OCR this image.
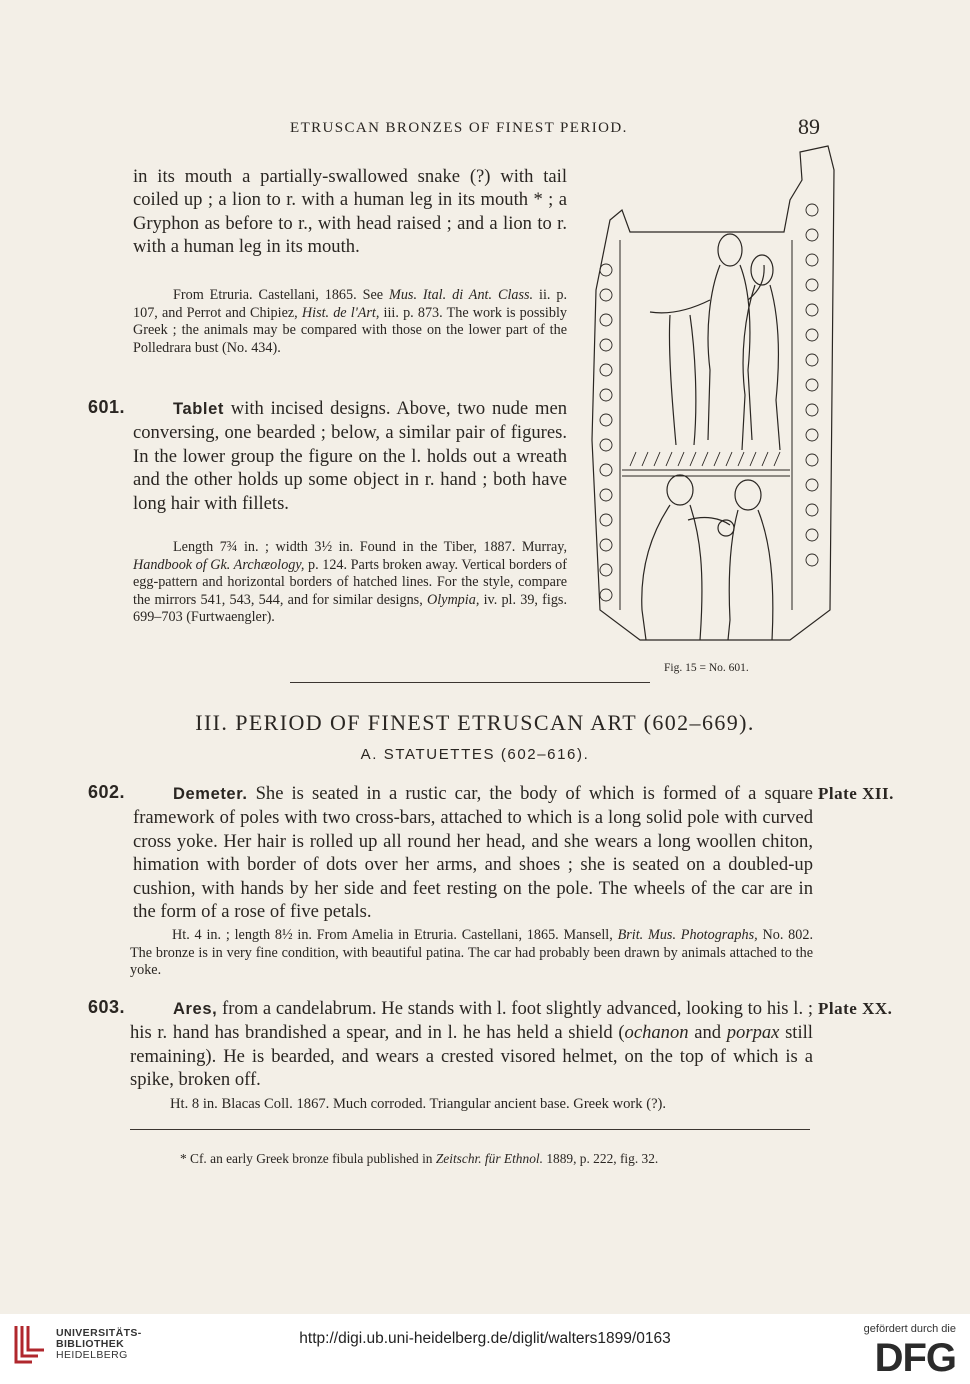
ETRUSCAN BRONZES OF FINEST PERIOD.	89
in its mouth a partially-swallowed snake (?) with tail coiled up ; a lion to r. with a human leg in its mouth * ; a Gryphon as before to r., with head raised ; and a lion to r. with a human leg in its mouth.
From Etruria. Castellani, 1865. See Mus. Ital. di Ant. Class. ii. p. 107, and Perrot and Chipiez, Hist. de l'Art, iii. p. 873. The work is possibly Greek ; the animals may be compared with those on the lower part of the Polledrara bust (No. 434).
601.	Tablet with incised designs. Above, two nude men conversing, one bearded ; below, a similar pair of figures. In the lower group the figure on the l. holds out a wreath and the other holds up some object in r. hand ; both have long hair with fillets.
Length 7¾ in. ; width 3½ in. Found in the Tiber, 1887. Murray, Handbook of Gk. Archæology, p. 124. Parts broken away. Vertical borders of egg-pattern and horizontal borders of hatched lines. For the style, compare the mirrors 541, 543, 544, and for similar designs, Olympia, iv. pl. 39, figs. 699–703 (Furtwaengler).
Fig. 15 = No. 601.
III. PERIOD OF FINEST ETRUSCAN ART (602–669).
A. STATUETTES (602–616).
602.	Plate XII.
Demeter. She is seated in a rustic car, the body of which is formed of a square framework of poles with two cross-bars, attached to which is a long solid pole with curved cross yoke. Her hair is rolled up all round her head, and she wears a long woollen chiton, himation with border of dots over her arms, and shoes ; she is seated on a doubled-up cushion, with hands by her side and feet resting on the pole. The wheels of the car are in the form of a rose of five petals.
Ht. 4 in. ; length 8½ in. From Amelia in Etruria. Castellani, 1865. Mansell, Brit. Mus. Photographs, No. 802. The bronze is in very fine condition, with beautiful patina. The car had probably been drawn by animals attached to the yoke.
603.	Plate XX.
Ares, from a candelabrum. He stands with l. foot slightly advanced, looking to his l. ; his r. hand has brandished a spear, and in l. he has held a shield (ochanon and porpax still remaining). He is bearded, and wears a crested visored helmet, on the top of which is a spike, broken off.
Ht. 8 in. Blacas Coll. 1867. Much corroded. Triangular ancient base. Greek work (?).
* Cf. an early Greek bronze fibula published in Zeitschr. für Ethnol. 1889, p. 222, fig. 32.
UNIVERSITÄTS-
BIBLIOTHEK
HEIDELBERG
http://digi.ub.uni-heidelberg.de/diglit/walters1899/0163
gefördert durch die
DFG
